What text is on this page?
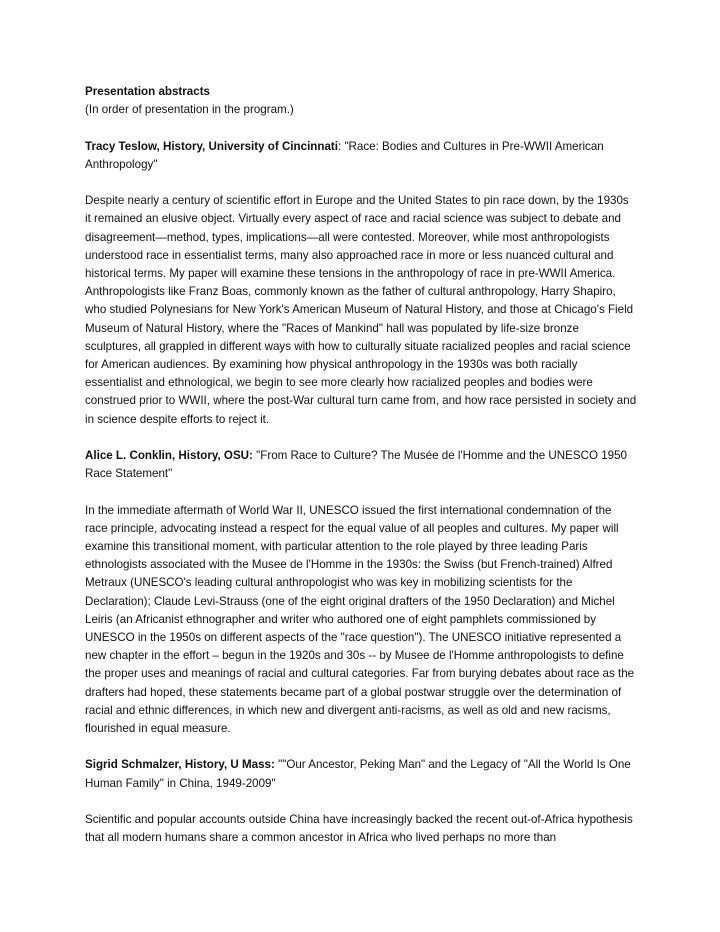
Presentation abstracts

(In order of presentation in the program.)

Tracy Teslow, History, University of Cincinnati: "Race: Bodies and Cultures in Pre-WWII American Anthropology"

Despite nearly a century of scientific effort in Europe and the United States to pin race down, by the 1930s it remained an elusive object. Virtually every aspect of race and racial science was subject to debate and disagreement—method, types, implications—all were contested. Moreover, while most anthropologists understood race in essentialist terms, many also approached race in more or less nuanced cultural and historical terms. My paper will examine these tensions in the anthropology of race in pre-WWII America. Anthropologists like Franz Boas, commonly known as the father of cultural anthropology, Harry Shapiro, who studied Polynesians for New York's American Museum of Natural History, and those at Chicago's Field Museum of Natural History, where the "Races of Mankind" hall was populated by life-size bronze sculptures, all grappled in different ways with how to culturally situate racialized peoples and racial science for American audiences. By examining how physical anthropology in the 1930s was both racially essentialist and ethnological, we begin to see more clearly how racialized peoples and bodies were construed prior to WWII, where the post-War cultural turn came from, and how race persisted in society and in science despite efforts to reject it.

Alice L. Conklin, History, OSU: "From Race to Culture? The Musée de l'Homme and the UNESCO 1950 Race Statement"

In the immediate aftermath of World War II, UNESCO issued the first international condemnation of the race principle, advocating instead a respect for the equal value of all peoples and cultures. My paper will examine this transitional moment, with particular attention to the role played by three leading Paris ethnologists associated with the Musee de l'Homme in the 1930s: the Swiss (but French-trained) Alfred Metraux (UNESCO's leading cultural anthropologist who was key in mobilizing scientists for the Declaration); Claude Levi-Strauss (one of the eight original drafters of the 1950 Declaration) and Michel Leiris (an Africanist ethnographer and writer who authored one of eight pamphlets commissioned by UNESCO in the 1950s on different aspects of the "race question"). The UNESCO initiative represented a new chapter in the effort – begun in the 1920s and 30s -- by Musee de l'Homme anthropologists to define the proper uses and meanings of racial and cultural categories. Far from burying debates about race as the drafters had hoped, these statements became part of a global postwar struggle over the determination of racial and ethnic differences, in which new and divergent anti-racisms, as well as old and new racisms, flourished in equal measure.

Sigrid Schmalzer, History, U Mass: ""Our Ancestor, Peking Man" and the Legacy of "All the World Is One Human Family" in China, 1949-2009"

Scientific and popular accounts outside China have increasingly backed the recent out-of-Africa hypothesis that all modern humans share a common ancestor in Africa who lived perhaps no more than
